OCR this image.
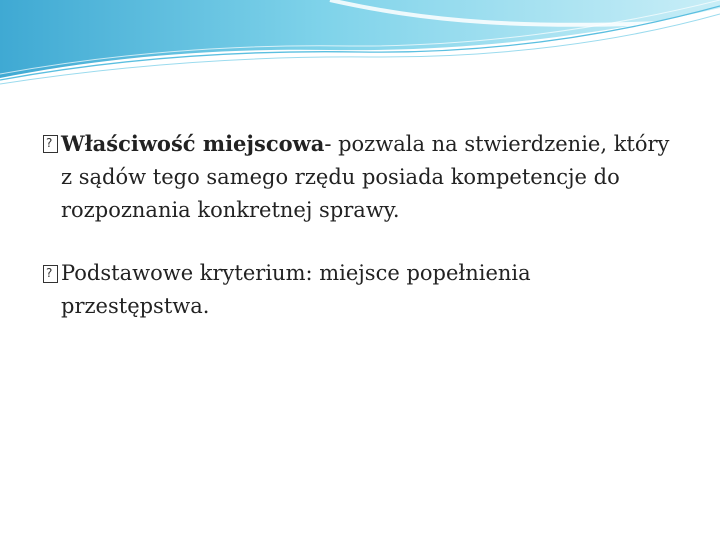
?
Właściwość miejscowa- pozwala na stwierdzenie, który z sądów tego samego rzędu posiada kompetencje do rozpoznania konkretnej sprawy.
?
Podstawowe kryterium: miejsce popełnienia przestępstwa.
